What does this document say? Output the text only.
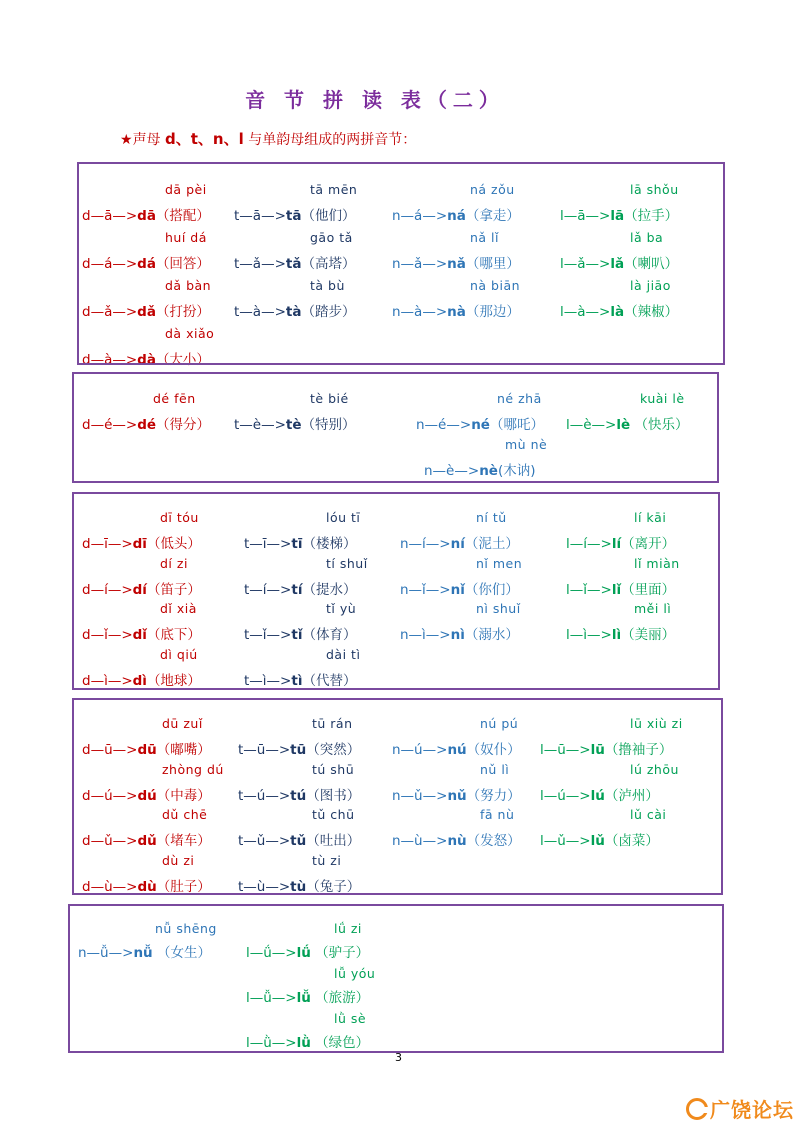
音 节 拼 读 表（二）
★声母 d、t、n、l 与单韵母组成的两拼音节：
dā pèi
d—ā—>dā（搭配）
huí dá
d—á—>dá（回答）
dǎ bàn
d—ǎ—>dǎ（打扮）
dà xiǎo
d—à—>dà（大小）
tā mēn
t—ā—>tā（他们）
gāo tǎ
t—ǎ—>tǎ（高塔）
tà bù
t—à—>tà（踏步）
ná zǒu
n—á—>ná（拿走）
nǎ lǐ
n—ǎ—>nǎ（哪里）
nà biān
n—à—>nà（那边）
lā shǒu
l—ā—>lā（拉手）
lǎ ba
l—ǎ—>lǎ（喇叭）
là jiāo
l—à—>là（辣椒）
dé fēn
d—é—>dé（得分）
tè bié
t—è—>tè（特别）
né zhā
n—é—>né（哪吒）
mù nè
n—è—>nè(木讷)
kuài lè
l—è—>lè （快乐）
dī tóu
d—ī—>dī（低头）
dí zi
d—í—>dí（笛子）
dǐ xià
d—ǐ—>dǐ（底下）
dì qiú
d—ì—>dì（地球）
lóu tī
t—ī—>tī（楼梯）
tí shuǐ
t—í—>tí（提水）
tǐ yù
t—ǐ—>tǐ（体育）
dài tì
t—ì—>tì（代替）
ní tǔ
n—í—>ní（泥土）
nǐ men
n—ǐ—>nǐ（你们）
nì shuǐ
n—ì—>nì（溺水）
lí kāi
l—í—>lí（离开）
lǐ miàn
l—ǐ—>lǐ（里面）
měi lì
l—ì—>lì（美丽）
dū zuǐ
d—ū—>dū（嘟嘴）
zhòng dú
d—ú—>dú（中毒）
dǔ chē
d—ǔ—>dǔ（堵车）
dù zi
d—ù—>dù（肚子）
tū rán
t—ū—>tū（突然）
tú shū
t—ú—>tú（图书）
tǔ chū
t—ǔ—>tǔ（吐出）
tù zi
t—ù—>tù（兔子）
nú pú
n—ú—>nú（奴仆）
nǔ lì
n—ǔ—>nǔ（努力）
fā nù
n—ù—>nù（发怒）
lū xiù zi
l—ū—>lū（撸袖子）
lú zhōu
l—ú—>lú（泸州）
lǔ cài
l—ǔ—>lǔ（卤菜）
nǚ shēng
n—ǚ—>nǚ （女生）
lǘ zi
l—ǘ—>lǘ （驴子）
lǚ yóu
l—ǚ—>lǚ （旅游）
lǜ sè
l—ǜ—>lǜ （绿色）
3
广饶论坛
